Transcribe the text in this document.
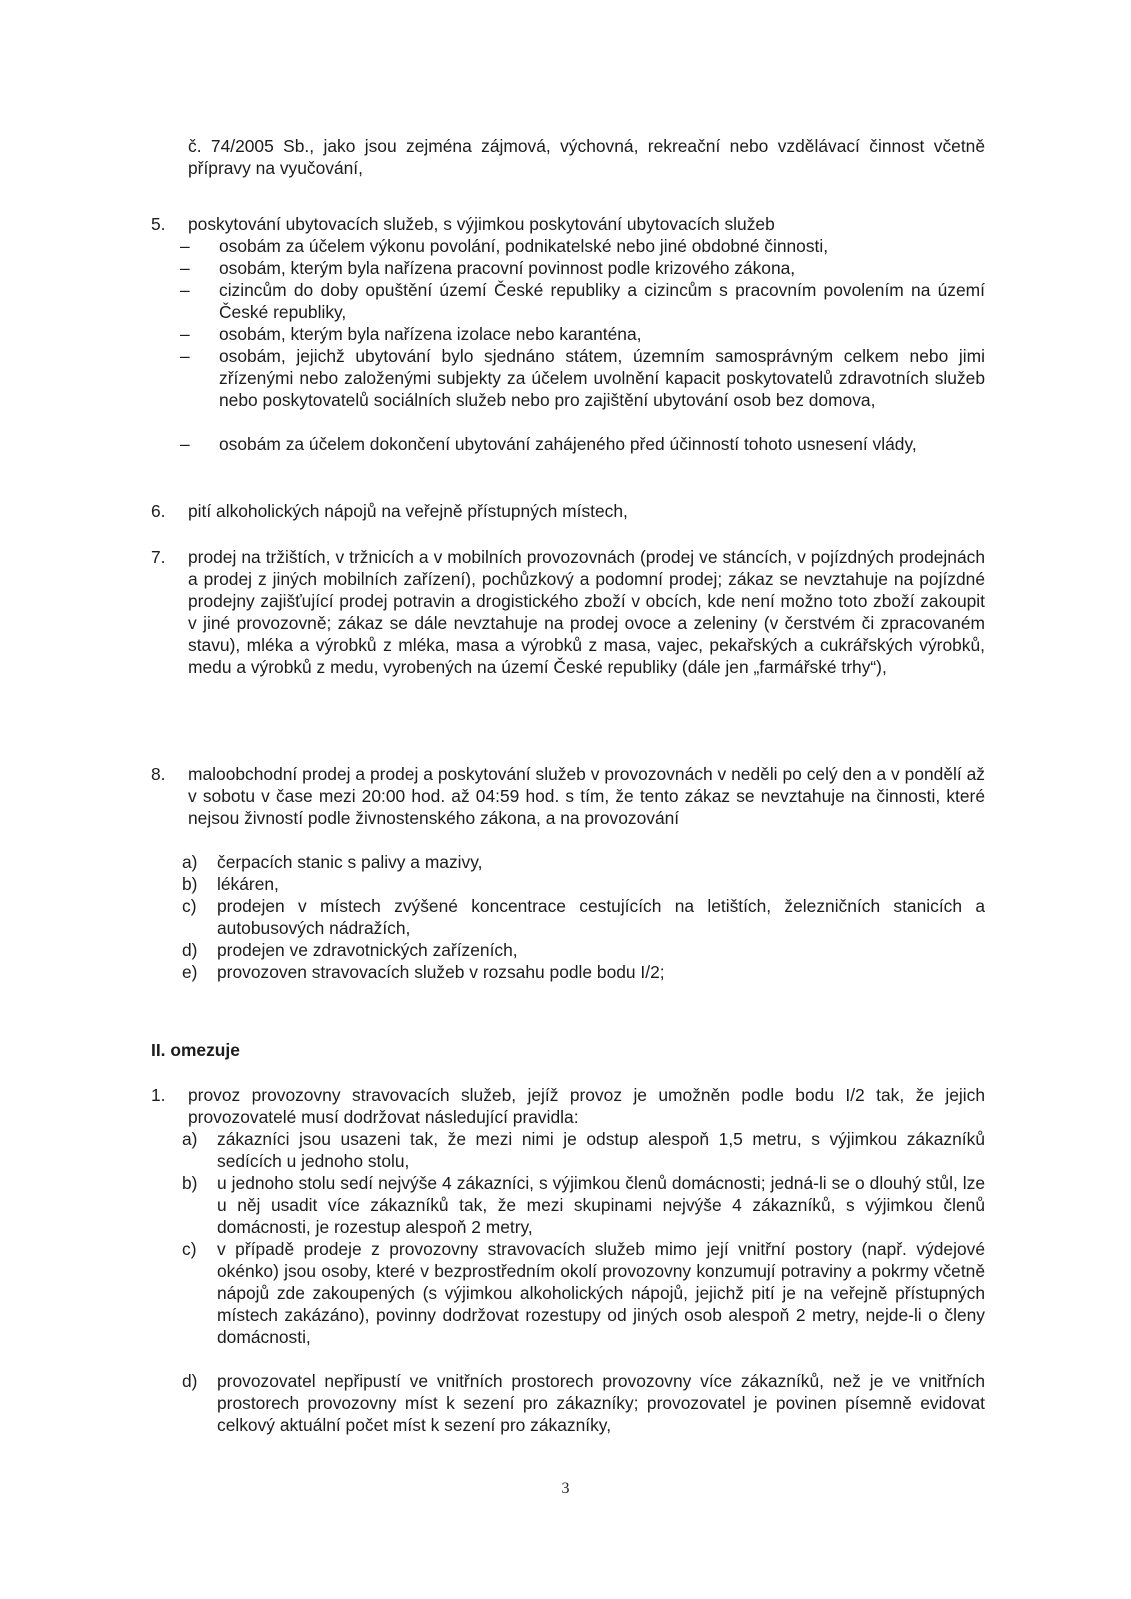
č. 74/2005 Sb., jako jsou zejména zájmová, výchovná, rekreační nebo vzdělávací činnost včetně přípravy na vyučování,

5. poskytování ubytovacích služeb, s výjimkou poskytování ubytovacích služeb

– osobám za účelem výkonu povolání, podnikatelské nebo jiné obdobné činnosti,

– osobám, kterým byla nařízena pracovní povinnost podle krizového zákona,

– cizincům do doby opuštění území České republiky a cizincům s pracovním povolením na území České republiky,

– osobám, kterým byla nařízena izolace nebo karanténa,

– osobám, jejichž ubytování bylo sjednáno státem, územním samosprávným celkem nebo jimi zřízenými nebo založenými subjekty za účelem uvolnění kapacit poskytovatelů zdravotních služeb nebo poskytovatelů sociálních služeb nebo pro zajištění ubytování osob bez domova,

– osobám za účelem dokončení ubytování zahájeného před účinností tohoto usnesení vlády,

6. pití alkoholických nápojů na veřejně přístupných místech,

7. prodej na tržištích, v tržnicích a v mobilních provozovnách (prodej ve stáncích, v pojízdných prodejnách a prodej z jiných mobilních zařízení), pochůzkový a podomní prodej; zákaz se nevztahuje na pojízdné prodejny zajišťující prodej potravin a drogistického zboží v obcích, kde není možno toto zboží zakoupit v jiné provozovně; zákaz se dále nevztahuje na prodej ovoce a zeleniny (v čerstvém či zpracovaném stavu), mléka a výrobků z mléka, masa a výrobků z masa, vajec, pekařských a cukrářských výrobků, medu a výrobků z medu, vyrobených na území České republiky (dále jen „farmářské trhy“),

8. maloobchodní prodej a prodej a poskytování služeb v provozovnách v neděli po celý den a v pondělí až v sobotu v čase mezi 20:00 hod. až 04:59 hod. s tím, že tento zákaz se nevztahuje na činnosti, které nejsou živností podle živnostenského zákona, a na provozování

a) čerpacích stanic s palivy a mazivy,

b) lékáren,

c) prodejen v místech zvýšené koncentrace cestujících na letištích, železničních stanicích a autobusových nádražích,

d) prodejen ve zdravotnických zařízeních,

e) provozoven stravovacích služeb v rozsahu podle bodu I/2;

II. omezuje
1. provoz provozovny stravovacích služeb, jejíž provoz je umožněn podle bodu I/2 tak, že jejich provozovatelé musí dodržovat následující pravidla:

a) zákazníci jsou usazeni tak, že mezi nimi je odstup alespoň 1,5 metru, s výjimkou zákazníků sedících u jednoho stolu,

b) u jednoho stolu sedí nejvýše 4 zákazníci, s výjimkou členů domácnosti; jedná-li se o dlouhý stůl, lze u něj usadit více zákazníků tak, že mezi skupinami nejvýše 4 zákazníků, s výjimkou členů domácnosti, je rozestup alespoň 2 metry,

c) v případě prodeje z provozovny stravovacích služeb mimo její vnitřní postory (např. výdejové okénko) jsou osoby, které v bezprostředním okolí provozovny konzumují potraviny a pokrmy včetně nápojů zde zakoupených (s výjimkou alkoholických nápojů, jejichž pití je na veřejně přístupných místech zakázáno), povinny dodržovat rozestupy od jiných osob alespoň 2 metry, nejde-li o členy domácnosti,

d) provozovatel nepřipustí ve vnitřních prostorech provozovny více zákazníků, než je ve vnitřních prostorech provozovny míst k sezení pro zákazníky; provozovatel je povinen písemně evidovat celkový aktuální počet míst k sezení pro zákazníky,

3
